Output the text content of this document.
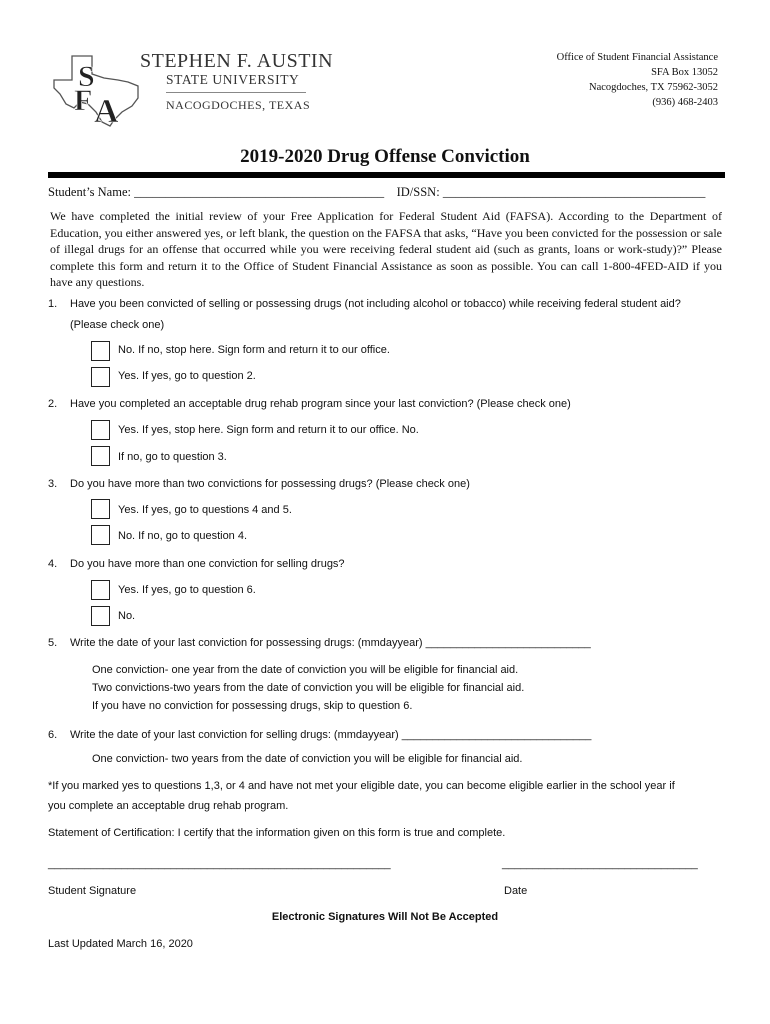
S
F A
STEPHEN F. AUSTIN
STATE UNIVERSITY
NACOGDOCHES, TEXAS
Office of Student Financial Assistance
SFA Box 13052
Nacogdoches, TX 75962-3052
(936) 468-2403
2019-2020 Drug Offense Conviction
Student’s Name: ________________________________________ ID/SSN: __________________________________________
We have completed the initial review of your Free Application for Federal Student Aid (FAFSA). According to the Department of Education, you either answered yes, or left blank, the question on the FAFSA that asks, “Have you been convicted for the possession or sale of illegal drugs for an offense that occurred while you were receiving federal student aid (such as grants, loans or work-study)?” Please complete this form and return it to the Office of Student Financial Assistance as soon as possible. You can call 1-800-4FED-AID if you have any questions.
1. Have you been convicted of selling or possessing drugs (not including alcohol or tobacco) while receiving federal student aid?
(Please check one)
No. If no, stop here. Sign form and return it to our office.
Yes. If yes, go to question 2.
2. Have you completed an acceptable drug rehab program since your last conviction? (Please check one)
Yes. If yes, stop here. Sign form and return it to our office. No.
If no, go to question 3.
3. Do you have more than two convictions for possessing drugs? (Please check one)
Yes. If yes, go to questions 4 and 5.
No. If no, go to question 4.
4. Do you have more than one conviction for selling drugs?
Yes. If yes, go to question 6.
No.
5. Write the date of your last conviction for possessing drugs: (mmdayyear) ___________________________
One conviction- one year from the date of conviction you will be eligible for financial aid.
Two convictions-two years from the date of conviction you will be eligible for financial aid.
If you have no conviction for possessing drugs, skip to question 6.
6. Write the date of your last conviction for selling drugs: (mmdayyear) _______________________________
One conviction- two years from the date of conviction you will be eligible for financial aid.
*If you marked yes to questions 1,3, or 4 and have not met your eligible date, you can become eligible earlier in the school year if
you complete an acceptable drug rehab program.
Statement of Certification: I certify that the information given on this form is true and complete.
________________________________________________________	________________________________
Student Signature	Date
Electronic Signatures Will Not Be Accepted
Last Updated March 16, 2020
